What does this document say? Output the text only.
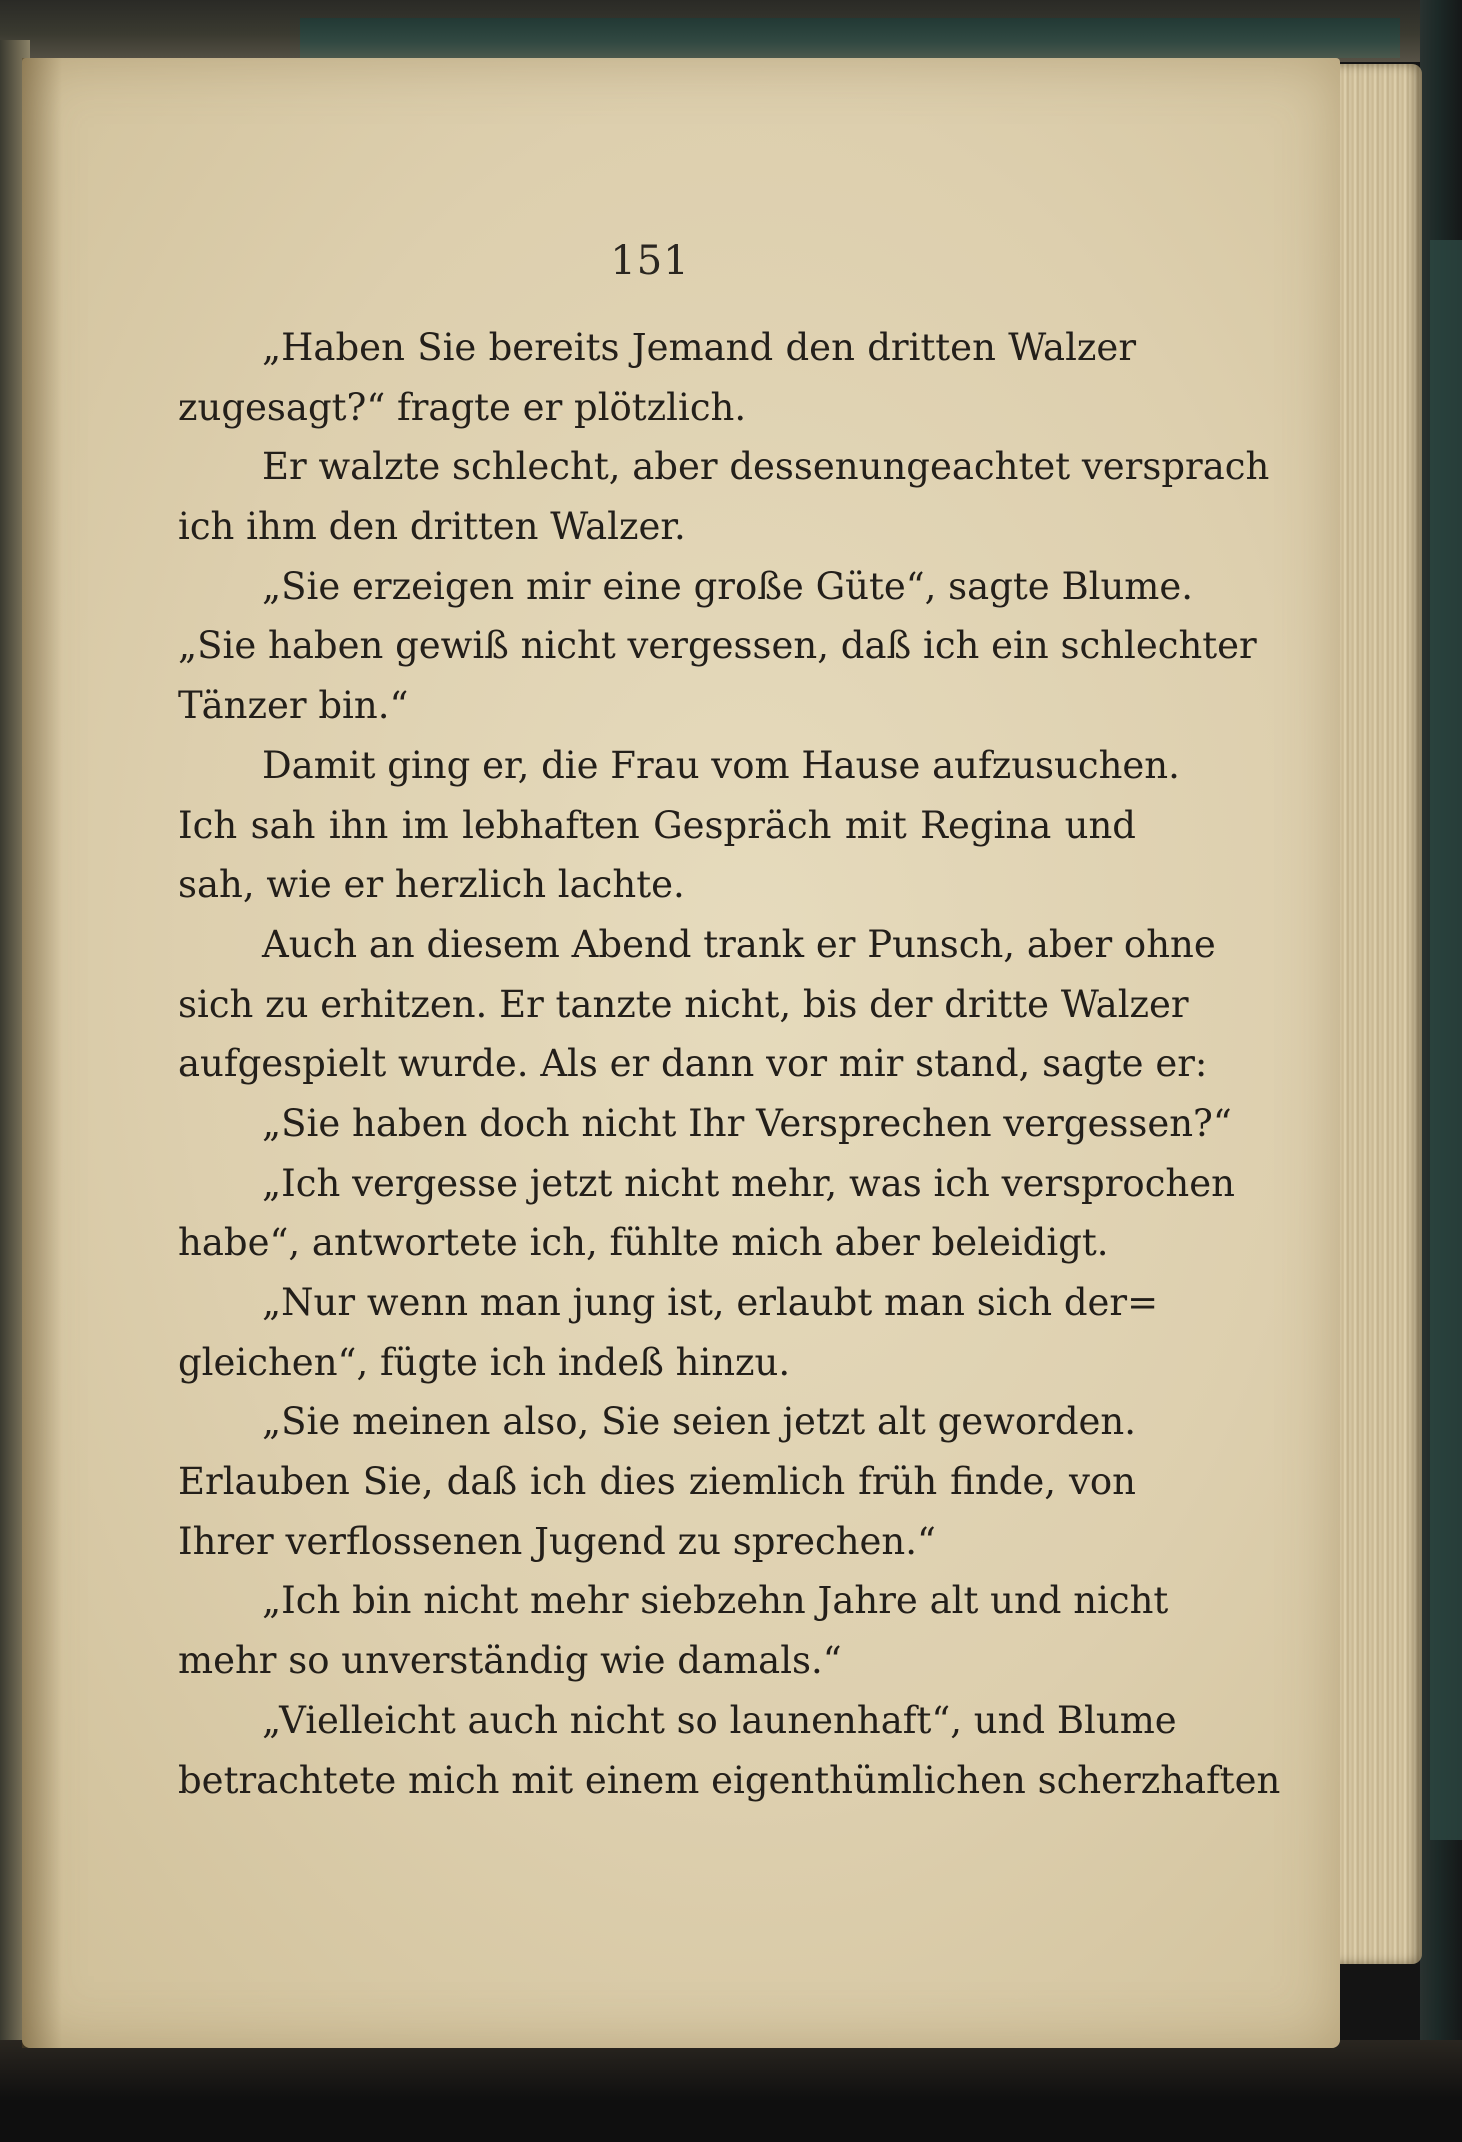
151
„Haben Sie bereits Jemand den dritten Walzer
zugesagt?“ fragte er plötzlich.
Er walzte schlecht, aber dessenungeachtet versprach
ich ihm den dritten Walzer.
„Sie erzeigen mir eine große Güte“, sagte Blume.
„Sie haben gewiß nicht vergessen, daß ich ein schlechter
Tänzer bin.“
Damit ging er, die Frau vom Hause aufzusuchen.
Ich sah ihn im lebhaften Gespräch mit Regina und
sah, wie er herzlich lachte.
Auch an diesem Abend trank er Punsch, aber ohne
sich zu erhitzen. Er tanzte nicht, bis der dritte Walzer
aufgespielt wurde. Als er dann vor mir stand, sagte er:
„Sie haben doch nicht Ihr Versprechen vergessen?“
„Ich vergesse jetzt nicht mehr, was ich versprochen
habe“, antwortete ich, fühlte mich aber beleidigt.
„Nur wenn man jung ist, erlaubt man sich der=
gleichen“, fügte ich indeß hinzu.
„Sie meinen also, Sie seien jetzt alt geworden.
Erlauben Sie, daß ich dies ziemlich früh finde, von
Ihrer verflossenen Jugend zu sprechen.“
„Ich bin nicht mehr siebzehn Jahre alt und nicht
mehr so unverständig wie damals.“
„Vielleicht auch nicht so launenhaft“, und Blume
betrachtete mich mit einem eigenthümlichen scherzhaften
